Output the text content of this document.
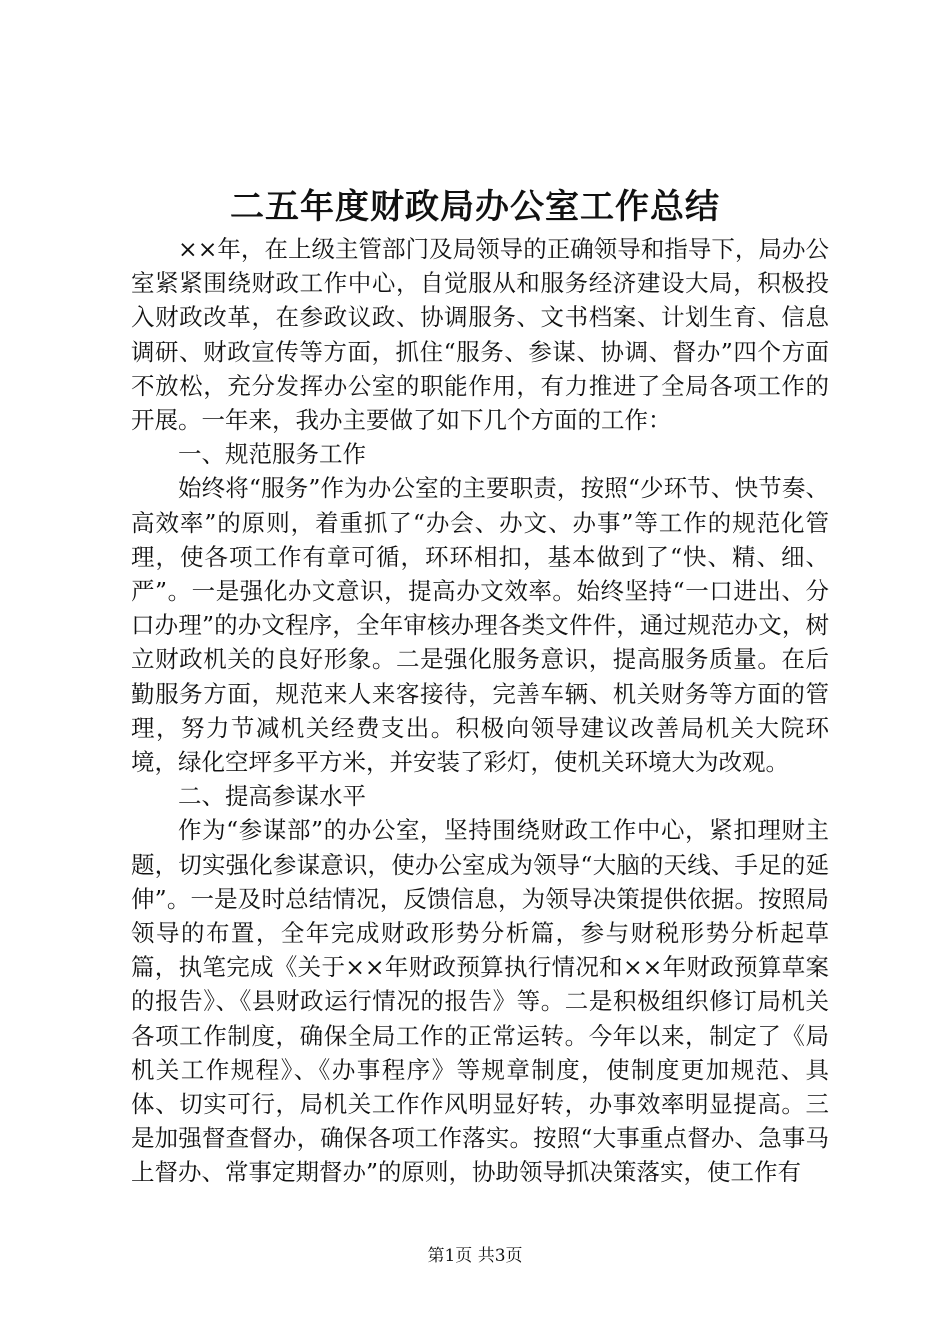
二五年度财政局办公室工作总结

××年，在上级主管部门及局领导的正确领导和指导下，局办公室紧紧围绕财政工作中心，自觉服从和服务经济建设大局，积极投入财政改革，在参政议政、协调服务、文书档案、计划生育、信息调研、财政宣传等方面，抓住“服务、参谋、协调、督办”四个方面不放松，充分发挥办公室的职能作用，有力推进了全局各项工作的开展。一年来，我办主要做了如下几个方面的工作：

一、规范服务工作

始终将“服务”作为办公室的主要职责，按照“少环节、快节奏、高效率”的原则，着重抓了“办会、办文、办事”等工作的规范化管理，使各项工作有章可循，环环相扣，基本做到了“快、精、细、严”。一是强化办文意识，提高办文效率。始终坚持“一口进出、分口办理”的办文程序，全年审核办理各类文件件，通过规范办文，树立财政机关的良好形象。二是强化服务意识，提高服务质量。在后勤服务方面，规范来人来客接待，完善车辆、机关财务等方面的管理，努力节减机关经费支出。积极向领导建议改善局机关大院环境，绿化空坪多平方米，并安装了彩灯，使机关环境大为改观。

二、提高参谋水平

作为“参谋部”的办公室，坚持围绕财政工作中心，紧扣理财主题，切实强化参谋意识，使办公室成为领导“大脑的天线、手足的延伸”。一是及时总结情况，反馈信息，为领导决策提供依据。按照局领导的布置，全年完成财政形势分析篇，参与财税形势分析起草篇，执笔完成《关于××年财政预算执行情况和××年财政预算草案的报告》、《县财政运行情况的报告》等。二是积极组织修订局机关各项工作制度，确保全局工作的正常运转。今年以来，制定了《局机关工作规程》、《办事程序》等规章制度，使制度更加规范、具体、切实可行，局机关工作作风明显好转，办事效率明显提高。三是加强督查督办，确保各项工作落实。按照“大事重点督办、急事马上督办、常事定期督办”的原则，协助领导抓决策落实，使工作有

第1页 共3页
